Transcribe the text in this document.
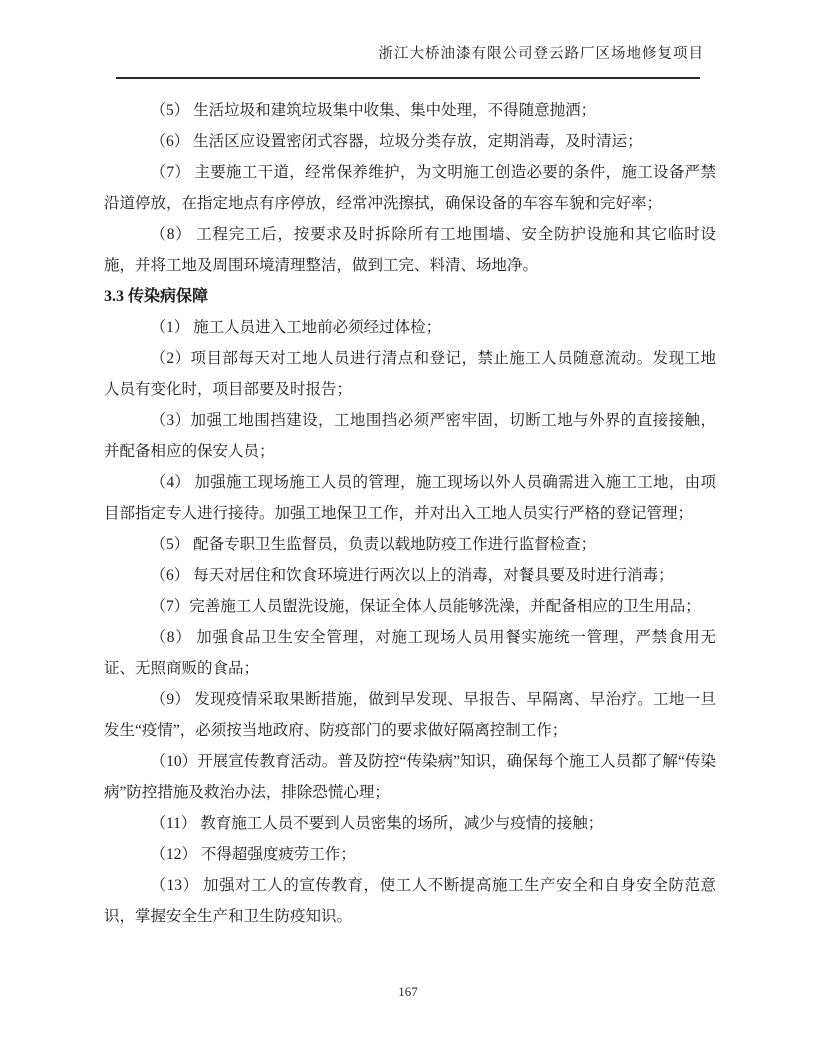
浙江大桥油漆有限公司登云路厂区场地修复项目

（5） 生活垃圾和建筑垃圾集中收集、集中处理，不得随意抛洒；

（6） 生活区应设置密闭式容器，垃圾分类存放，定期消毒，及时清运；

（7） 主要施工干道，经常保养维护，为文明施工创造必要的条件，施工设备严禁沿道停放，在指定地点有序停放，经常冲洗擦拭，确保设备的车容车貌和完好率；

（8） 工程完工后，按要求及时拆除所有工地围墙、安全防护设施和其它临时设施，并将工地及周围环境清理整洁，做到工完、料清、场地净。

3.3 传染病保障

（1） 施工人员进入工地前必须经过体检；

（2）项目部每天对工地人员进行清点和登记，禁止施工人员随意流动。发现工地人员有变化时，项目部要及时报告；

（3）加强工地围挡建设，工地围挡必须严密牢固，切断工地与外界的直接接触，并配备相应的保安人员；

（4） 加强施工现场施工人员的管理，施工现场以外人员确需进入施工工地，由项目部指定专人进行接待。加强工地保卫工作，并对出入工地人员实行严格的登记管理；

（5） 配备专职卫生监督员，负责以载地防疫工作进行监督检查；

（6） 每天对居住和饮食环境进行两次以上的消毒，对餐具要及时进行消毒；

（7）完善施工人员盥洗设施，保证全体人员能够洗澡，并配备相应的卫生用品；

（8） 加强食品卫生安全管理，对施工现场人员用餐实施统一管理，严禁食用无证、无照商贩的食品；

（9） 发现疫情采取果断措施，做到早发现、早报告、早隔离、早治疗。工地一旦发生“疫情”，必须按当地政府、防疫部门的要求做好隔离控制工作；

（10）开展宣传教育活动。普及防控“传染病”知识，确保每个施工人员都了解“传染病”防控措施及救治办法，排除恐慌心理；

（11） 教育施工人员不要到人员密集的场所，减少与疫情的接触；

（12） 不得超强度疲劳工作；

（13） 加强对工人的宣传教育，使工人不断提高施工生产安全和自身安全防范意识，掌握安全生产和卫生防疫知识。

167
